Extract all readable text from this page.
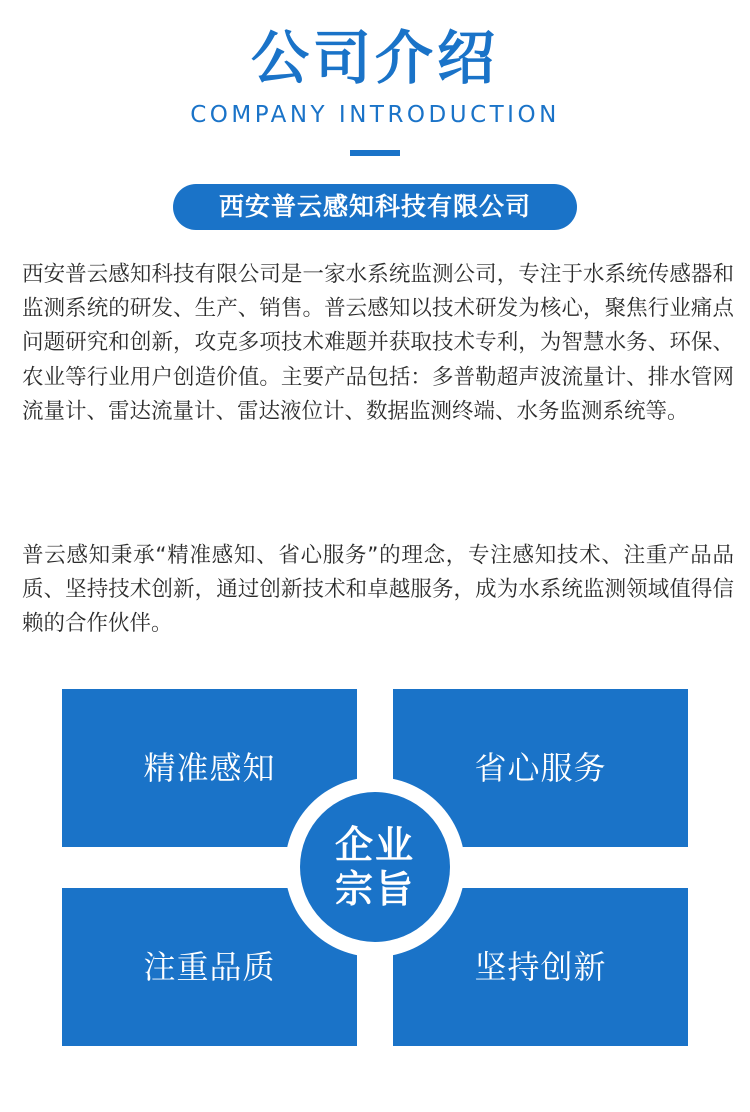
公司介绍
COMPANY INTRODUCTION
西安普云感知科技有限公司

西安普云感知科技有限公司是一家水系统监测公司，专注于水系统传感器和监测系统的研发、生产、销售。普云感知以技术研发为核心，聚焦行业痛点问题研究和创新，攻克多项技术难题并获取技术专利，为智慧水务、环保、农业等行业用户创造价值。主要产品包括：多普勒超声波流量计、排水管网流量计、雷达流量计、雷达液位计、数据监测终端、水务监测系统等。

普云感知秉承“精准感知、省心服务”的理念，专注感知技术、注重产品品质、坚持技术创新，通过创新技术和卓越服务，成为水系统监测领域值得信赖的合作伙伴。

精准感知	省心服务
注重品质	坚持创新
企业
宗旨
